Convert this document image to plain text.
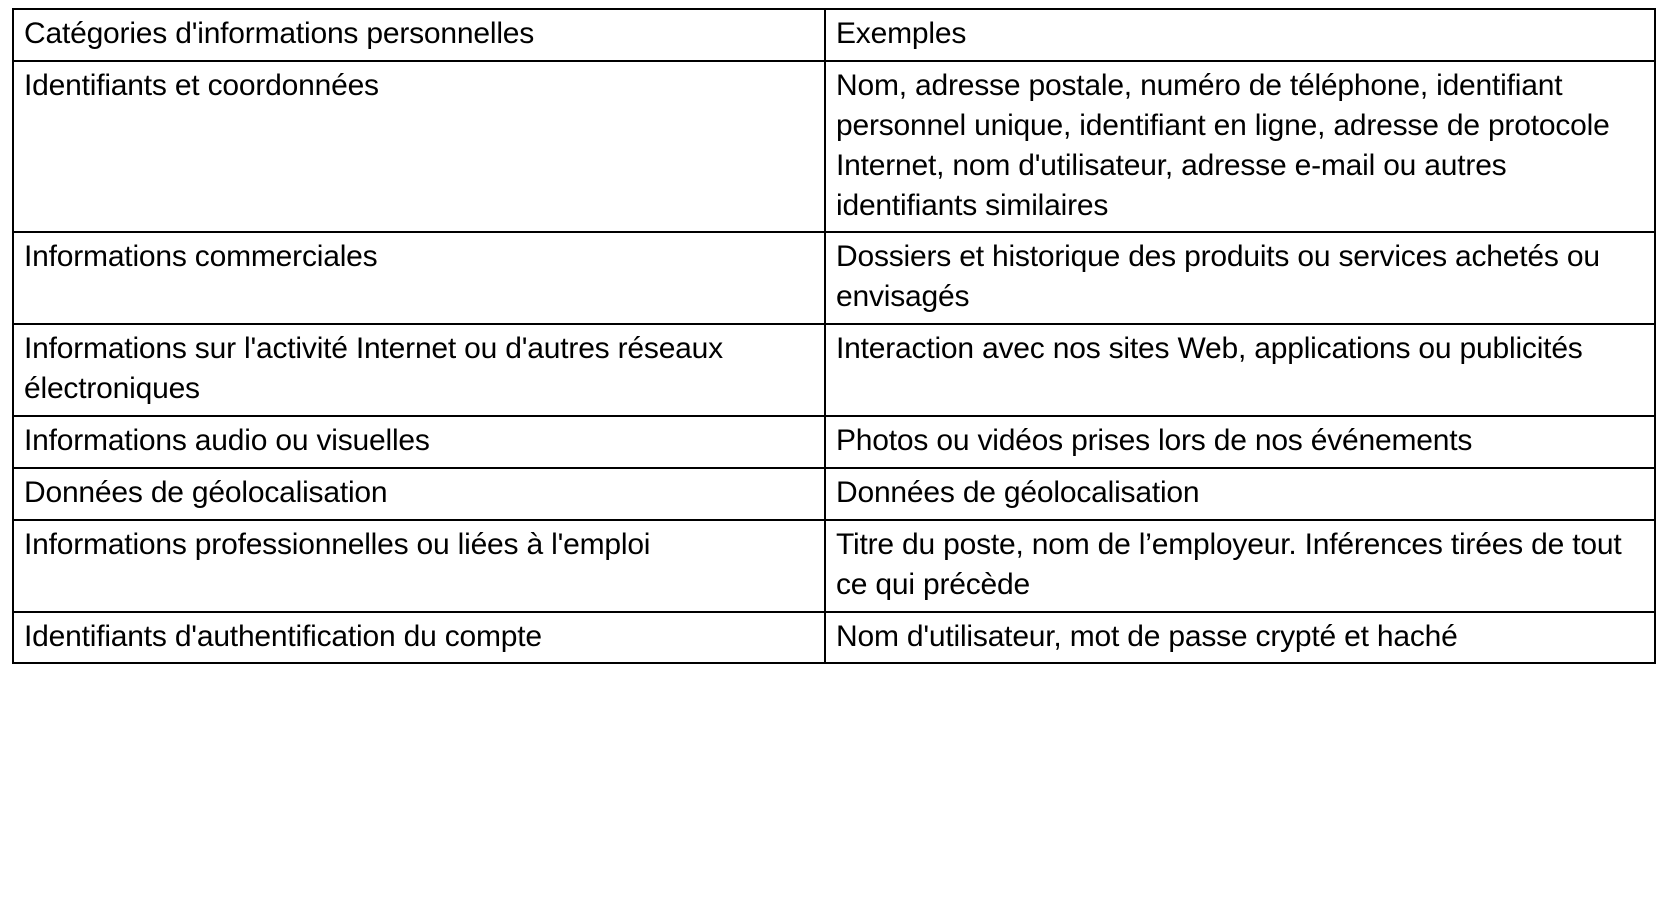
Catégories d'informations personnelles	Exemples

Identifiants et coordonnées	Nom, adresse postale, numéro de téléphone, identifiant personnel unique, identifiant en ligne, adresse de protocole Internet, nom d'utilisateur, adresse e-mail ou autres identifiants similaires

Informations commerciales	Dossiers et historique des produits ou services achetés ou envisagés

Informations sur l'activité Internet ou d'autres réseaux électroniques	Interaction avec nos sites Web, applications ou publicités

Informations audio ou visuelles	Photos ou vidéos prises lors de nos événements

Données de géolocalisation	Données de géolocalisation

Informations professionnelles ou liées à l'emploi	Titre du poste, nom de l’employeur. Inférences tirées de tout ce qui précède

Identifiants d'authentification du compte	Nom d'utilisateur, mot de passe crypté et haché
